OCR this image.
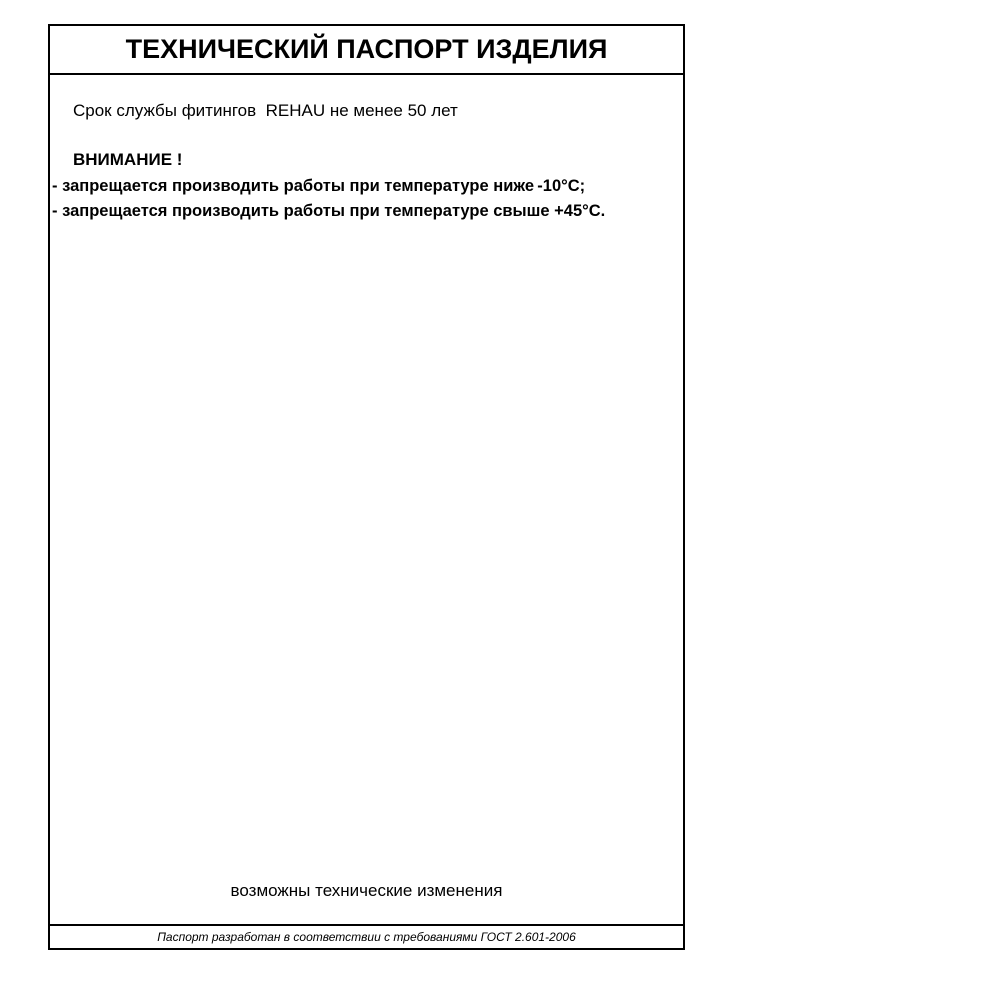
ТЕХНИЧЕСКИЙ ПАСПОРТ ИЗДЕЛИЯ
Срок службы фитингов  REHAU не менее 50 лет
ВНИМАНИЕ !
- запрещается производить работы при температуре ниже -10°С;
- запрещается производить работы при температуре свыше +45°С.
возможны технические изменения
Паспорт разработан в соответствии с требованиями ГОСТ 2.601-2006
